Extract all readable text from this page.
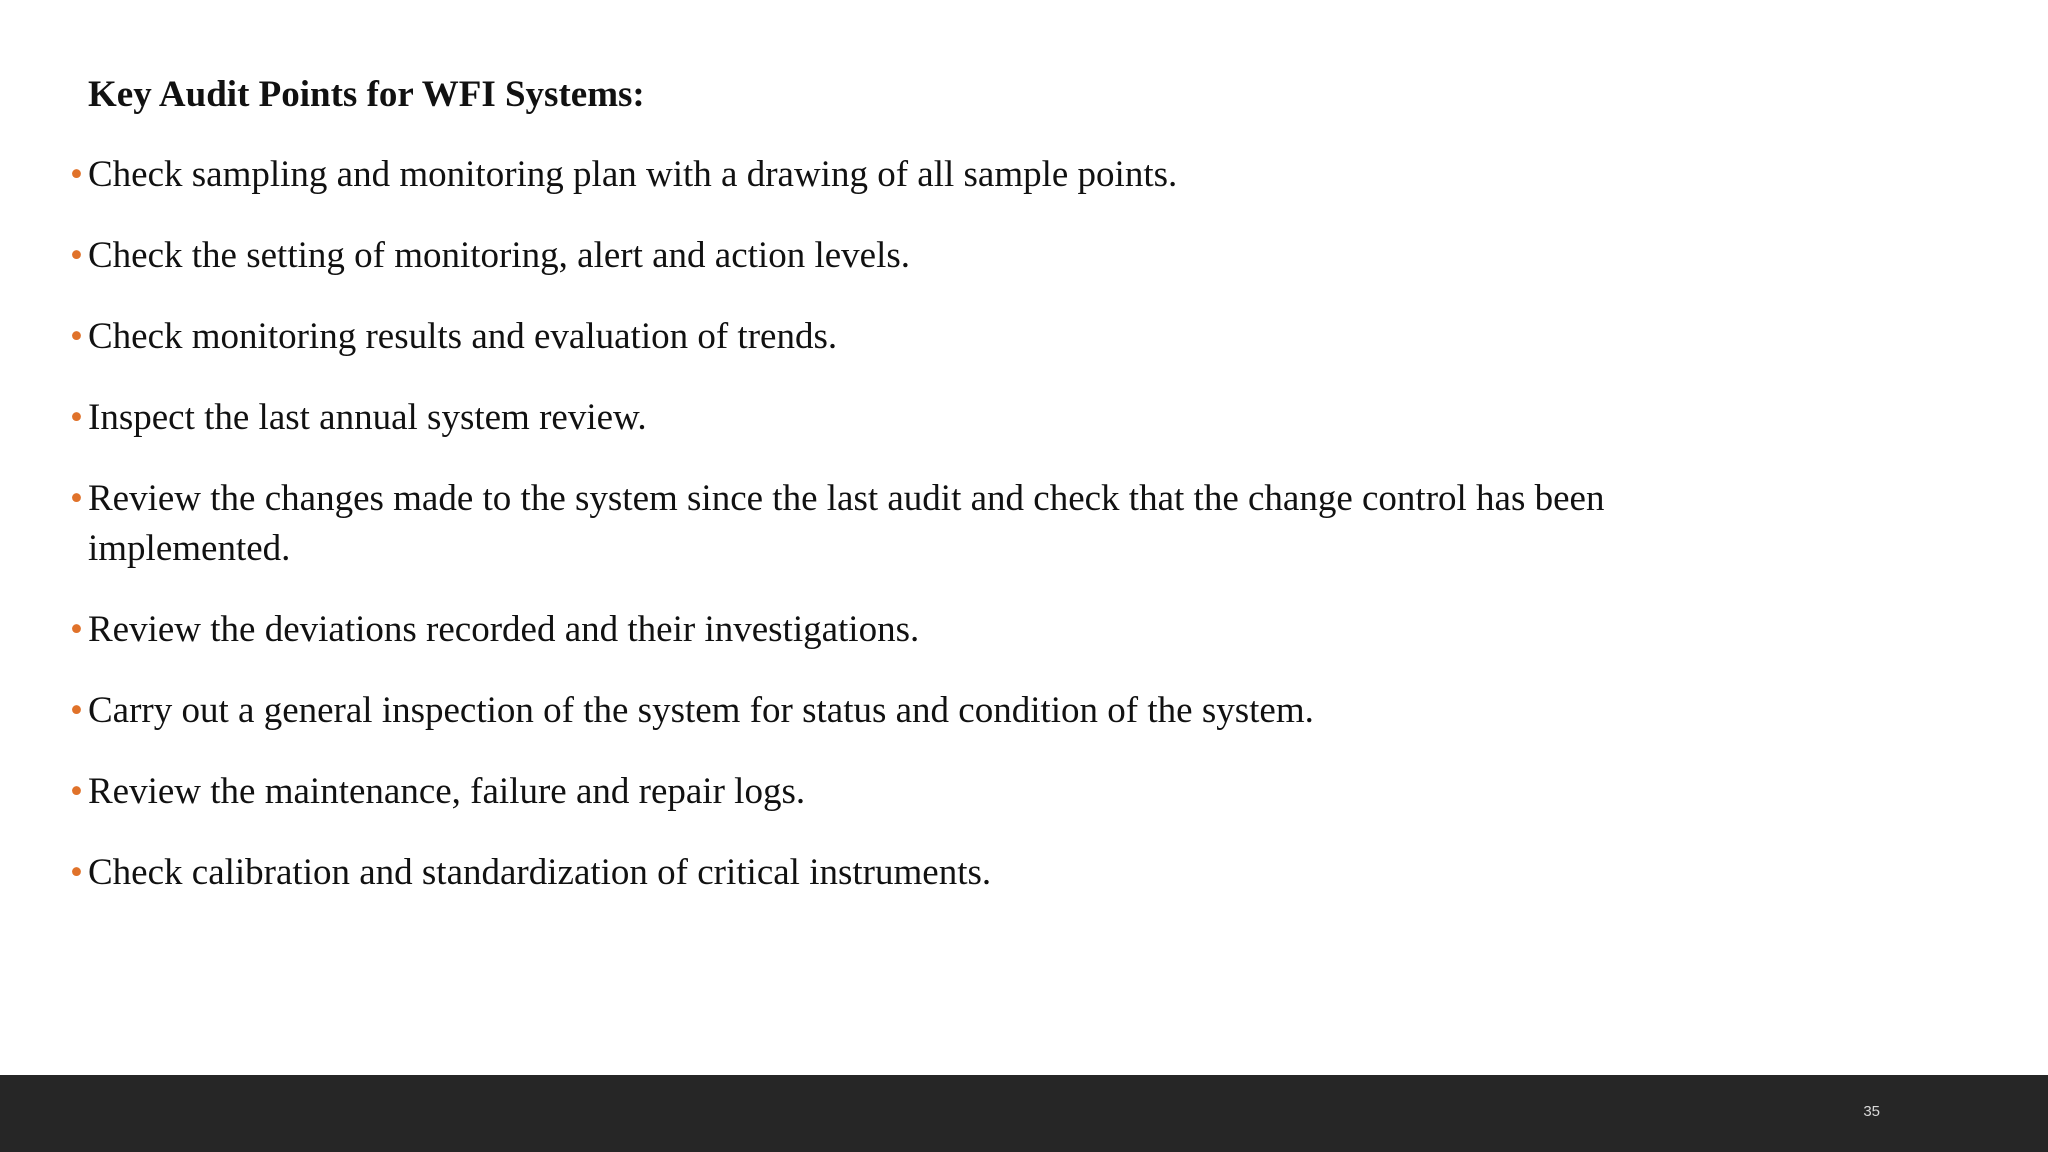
Key Audit Points for WFI Systems:
• Check sampling and monitoring plan with a drawing of all sample points.
• Check the setting of monitoring, alert and action levels.
• Check monitoring results and evaluation of trends.
• Inspect the last annual system review.
• Review the changes made to the system since the last audit and check that the change control has been implemented.
• Review the deviations recorded and their investigations.
• Carry out a general inspection of the system for status and condition of the system.
• Review the maintenance, failure and repair logs.
• Check calibration and standardization of critical instruments.
35
